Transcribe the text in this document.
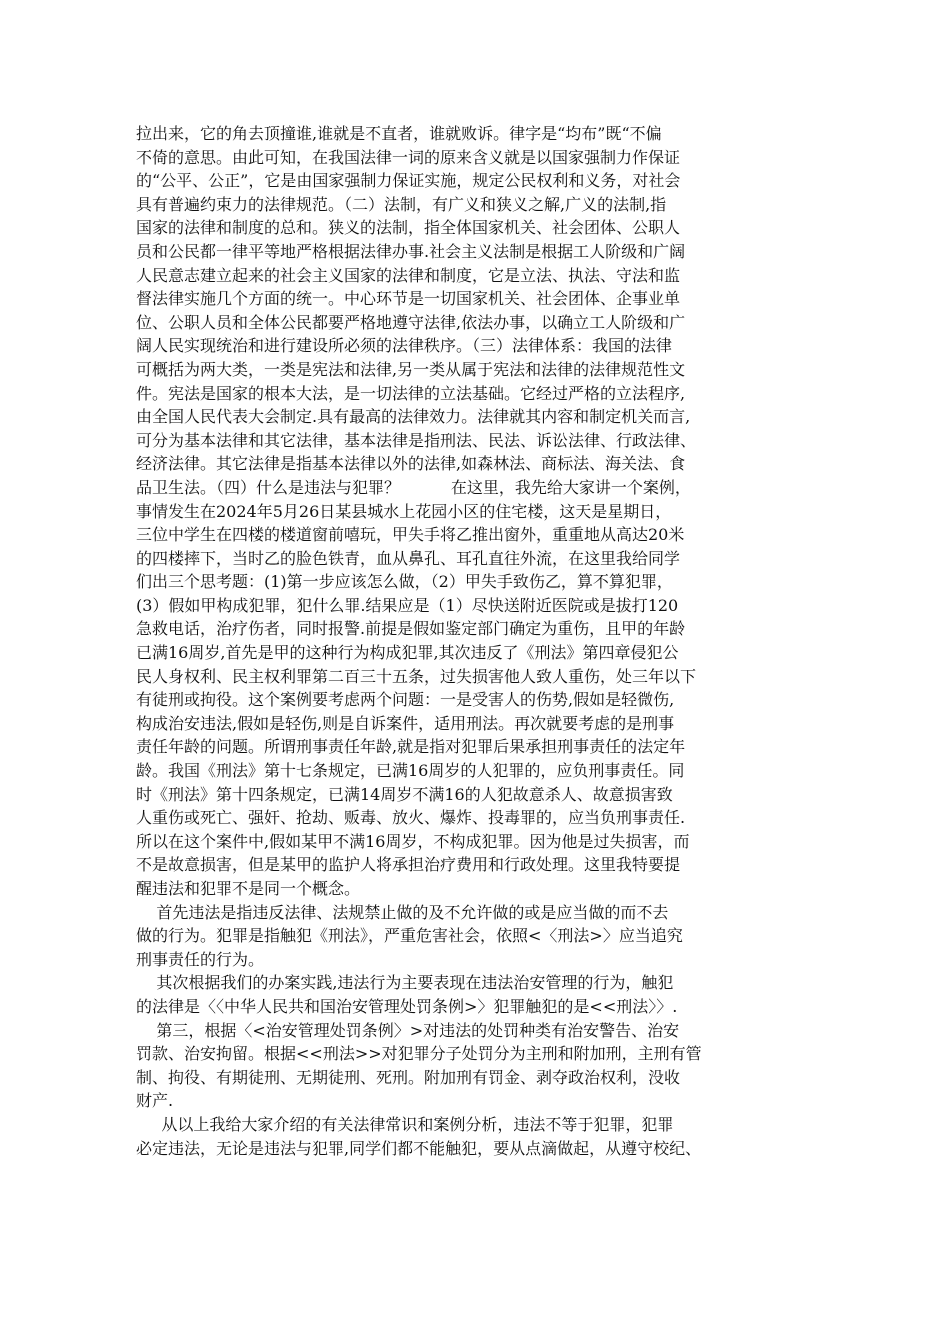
拉出来，它的角去顶撞谁,谁就是不直者，谁就败诉。律字是“均布”既“不偏
不倚的意思。由此可知，在我国法律一词的原来含义就是以国家强制力作保证
的“公平、公正”，它是由国家强制力保证实施，规定公民权利和义务，对社会
具有普遍约束力的法律规范。（二）法制，有广义和狭义之解,广义的法制,指
国家的法律和制度的总和。狭义的法制，指全体国家机关、社会团体、公职人
员和公民都一律平等地严格根据法律办事.社会主义法制是根据工人阶级和广阔
人民意志建立起来的社会主义国家的法律和制度，它是立法、执法、守法和监
督法律实施几个方面的统一。中心环节是一切国家机关、社会团体、企事业单
位、公职人员和全体公民都要严格地遵守法律,依法办事，以确立工人阶级和广
阔人民实现统治和进行建设所必须的法律秩序。（三）法律体系：我国的法律
可概括为两大类，一类是宪法和法律,另一类从属于宪法和法律的法律规范性文
件。宪法是国家的根本大法，是一切法律的立法基础。它经过严格的立法程序,
由全国人民代表大会制定.具有最高的法律效力。法律就其内容和制定机关而言,
可分为基本法律和其它法律，基本法律是指刑法、民法、诉讼法律、行政法律、
经济法律。其它法律是指基本法律以外的法律,如森林法、商标法、海关法、食
品卫生法。（四）什么是违法与犯罪？          在这里，我先给大家讲一个案例，
事情发生在2024年5月26日某县城水上花园小区的住宅楼，这天是星期日，
三位中学生在四楼的楼道窗前嘻玩，甲失手将乙推出窗外，重重地从高达20米
的四楼摔下，当时乙的脸色铁青，血从鼻孔、耳孔直往外流，在这里我给同学
们出三个思考题：(1)第一步应该怎么做，（2）甲失手致伤乙，算不算犯罪，
(3）假如甲构成犯罪，犯什么罪.结果应是（1）尽快送附近医院或是拔打120
急救电话，治疗伤者，同时报警.前提是假如鉴定部门确定为重伤，且甲的年龄
已满16周岁,首先是甲的这种行为构成犯罪,其次违反了《刑法》第四章侵犯公
民人身权利、民主权利罪第二百三十五条，过失损害他人致人重伤，处三年以下
有徒刑或拘役。这个案例要考虑两个问题：一是受害人的伤势,假如是轻微伤,
构成治安违法,假如是轻伤,则是自诉案件，适用刑法。再次就要考虑的是刑事
责任年龄的问题。所谓刑事责任年龄,就是指对犯罪后果承担刑事责任的法定年
龄。我国《刑法》第十七条规定，已满16周岁的人犯罪的，应负刑事责任。同
时《刑法》第十四条规定，已满14周岁不满16的人犯故意杀人、故意损害致
人重伤或死亡、强奸、抢劫、贩毒、放火、爆炸、投毒罪的，应当负刑事责任.
所以在这个案件中,假如某甲不满16周岁，不构成犯罪。因为他是过失损害，而
不是故意损害，但是某甲的监护人将承担治疗费用和行政处理。这里我特要提
醒违法和犯罪不是同一个概念。
首先违法是指违反法律、法规禁止做的及不允许做的或是应当做的而不去
做的行为。犯罪是指触犯《刑法》，严重危害社会，依照<〈刑法>〉应当追究
刑事责任的行为。
其次根据我们的办案实践,违法行为主要表现在违法治安管理的行为，触犯
的法律是〈〈中华人民共和国治安管理处罚条例>〉犯罪触犯的是<<刑法〉〉.
第三，根据〈<治安管理处罚条例〉>对违法的处罚种类有治安警告、治安
罚款、治安拘留。根据<<刑法>>对犯罪分子处罚分为主刑和附加刑，主刑有管
制、拘役、有期徒刑、无期徒刑、死刑。附加刑有罚金、剥夺政治权利，没收
财产.
从以上我给大家介绍的有关法律常识和案例分析，违法不等于犯罪，犯罪
必定违法，无论是违法与犯罪,同学们都不能触犯，要从点滴做起，从遵守校纪、
